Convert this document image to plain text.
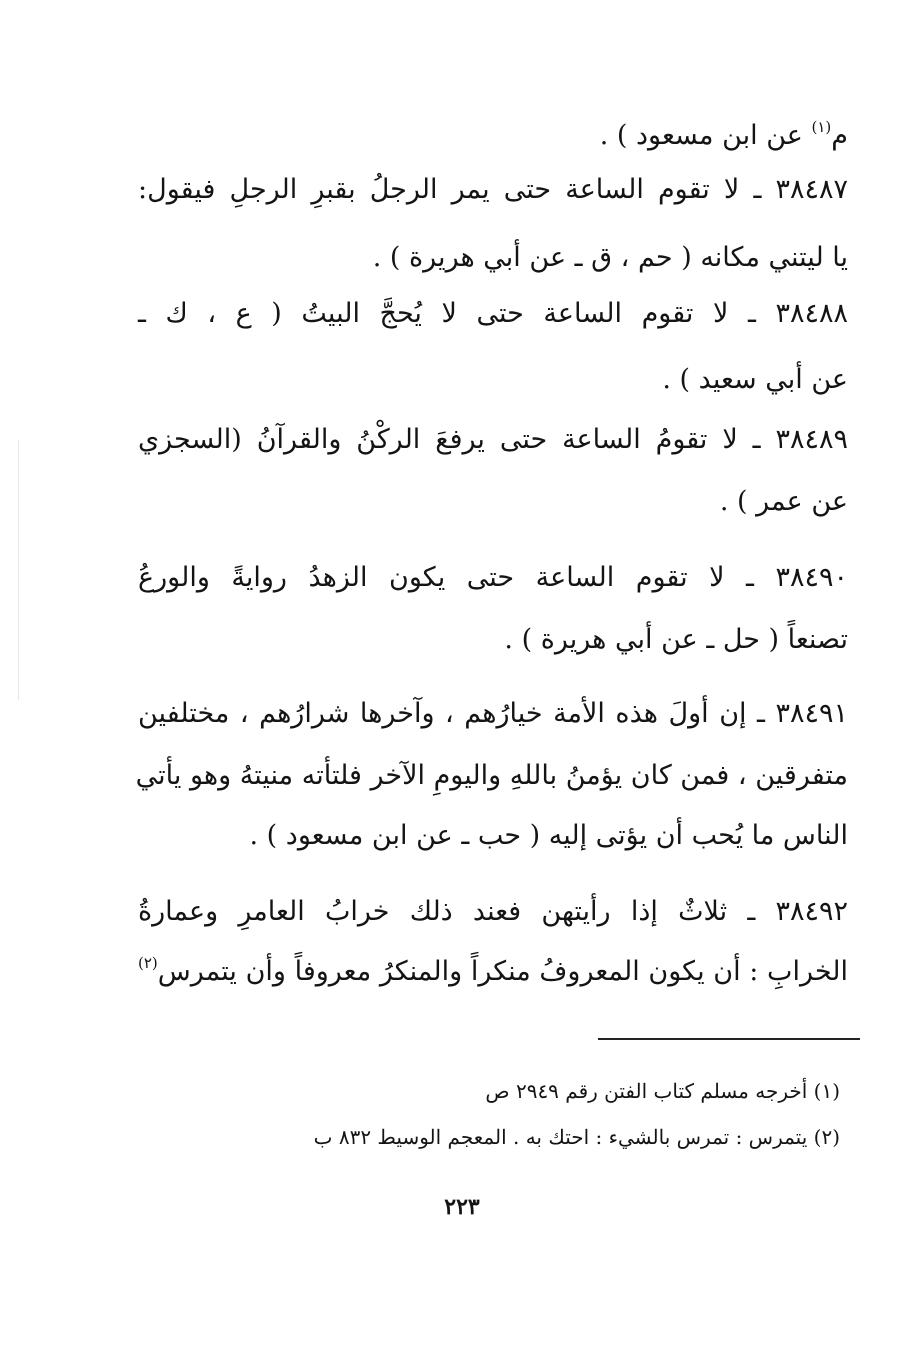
م$^{(١)}$ عن ابن مسعود ) .
٣٨٤٨٧ ـ لا تقوم الساعة حتى يمر الرجلُ بقبرِ الرجلِ فيقول:
يا ليتني مكانه ( حم ، ق ـ عن أبي هريرة ) .
٣٨٤٨٨ ـ لا تقوم الساعة حتى لا يُحجَّ البيتُ ( ع ، ك ـ
عن أبي سعيد ) .
٣٨٤٨٩ ـ لا تقومُ الساعة حتى يرفعَ الركْنُ والقرآنُ (السجزي
عن عمر ) .
٣٨٤٩٠ ـ لا تقوم الساعة حتى يكون الزهدُ روايةً والورعُ
تصنعاً ( حل ـ عن أبي هريرة ) .
٣٨٤٩١ ـ إن أولَ هذه الأمة خيارُهم ، وآخرها شرارُهم ، مختلفين
متفرقين ، فمن كان يؤمنُ باللهِ واليومِ الآخر فلتأته منيتهُ وهو يأتي
الناس ما يُحب أن يؤتى إليه ( حب ـ عن ابن مسعود ) .
٣٨٤٩٢ ـ ثلاثٌ إذا رأيتهن فعند ذلك خرابُ العامرِ وعمارةُ
الخرابِ : أن يكون المعروفُ منكراً والمنكرُ معروفاً وأن يتمرس$^{(٢)}$
(١) أخرجه مسلم كتاب الفتن رقم ٢٩٤٩ ص
(٢) يتمرس : تمرس بالشيء : احتك به . المعجم الوسيط ٨٣٢ ب
٢٢٣
